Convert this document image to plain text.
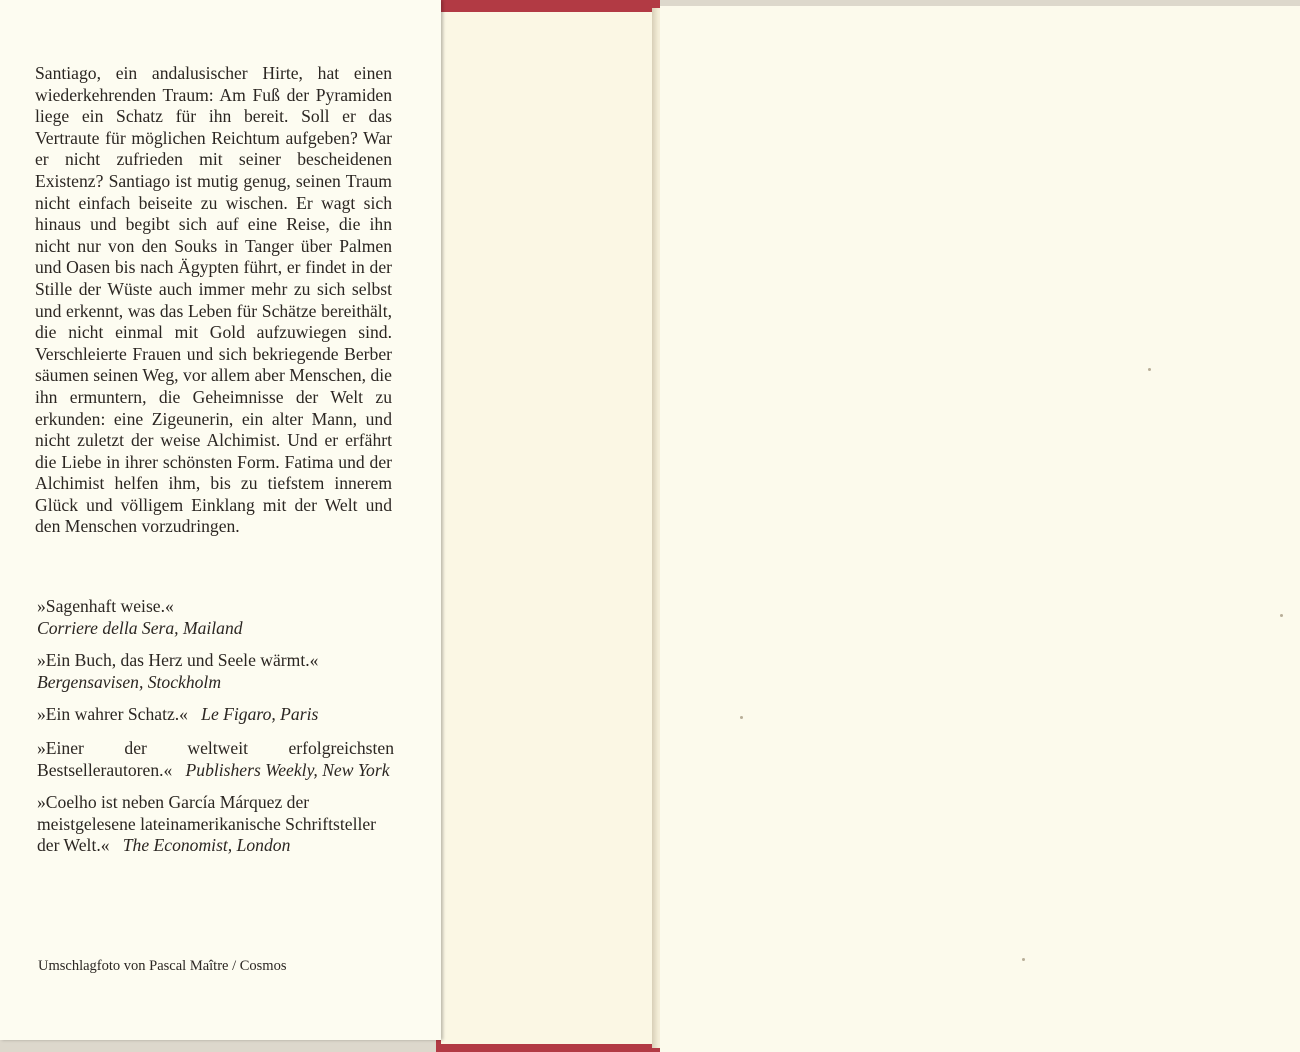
Santiago, ein andalusischer Hirte, hat einen wiederkehrenden Traum: Am Fuß der Pyramiden liege ein Schatz für ihn bereit. Soll er das Vertraute für möglichen Reichtum aufgeben? War er nicht zufrieden mit seiner bescheidenen Existenz? Santiago ist mutig genug, seinen Traum nicht einfach beiseite zu wischen. Er wagt sich hinaus und begibt sich auf eine Reise, die ihn nicht nur von den Souks in Tanger über Palmen und Oasen bis nach Ägypten führt, er findet in der Stille der Wüste auch immer mehr zu sich selbst und erkennt, was das Leben für Schätze bereithält, die nicht einmal mit Gold aufzuwiegen sind. Verschleierte Frauen und sich bekriegende Berber säumen seinen Weg, vor allem aber Menschen, die ihn ermuntern, die Geheimnisse der Welt zu erkunden: eine Zigeunerin, ein alter Mann, und nicht zuletzt der weise Alchimist. Und er erfährt die Liebe in ihrer schönsten Form. Fatima und der Alchimist helfen ihm, bis zu tiefstem innerem Glück und völligem Einklang mit der Welt und den Menschen vorzudringen.

»Sagenhaft weise.«
Corriere della Sera, Mailand

»Ein Buch, das Herz und Seele wärmt.«
Bergensavisen, Stockholm

»Ein wahrer Schatz.« Le Figaro, Paris

»Einer der weltweit erfolgreichsten Bestsellerautoren.« Publishers Weekly, New York

»Coelho ist neben García Márquez der meistgelesene lateinamerikanische Schriftsteller der Welt.« The Economist, London

Umschlagfoto von Pascal Maître / Cosmos
